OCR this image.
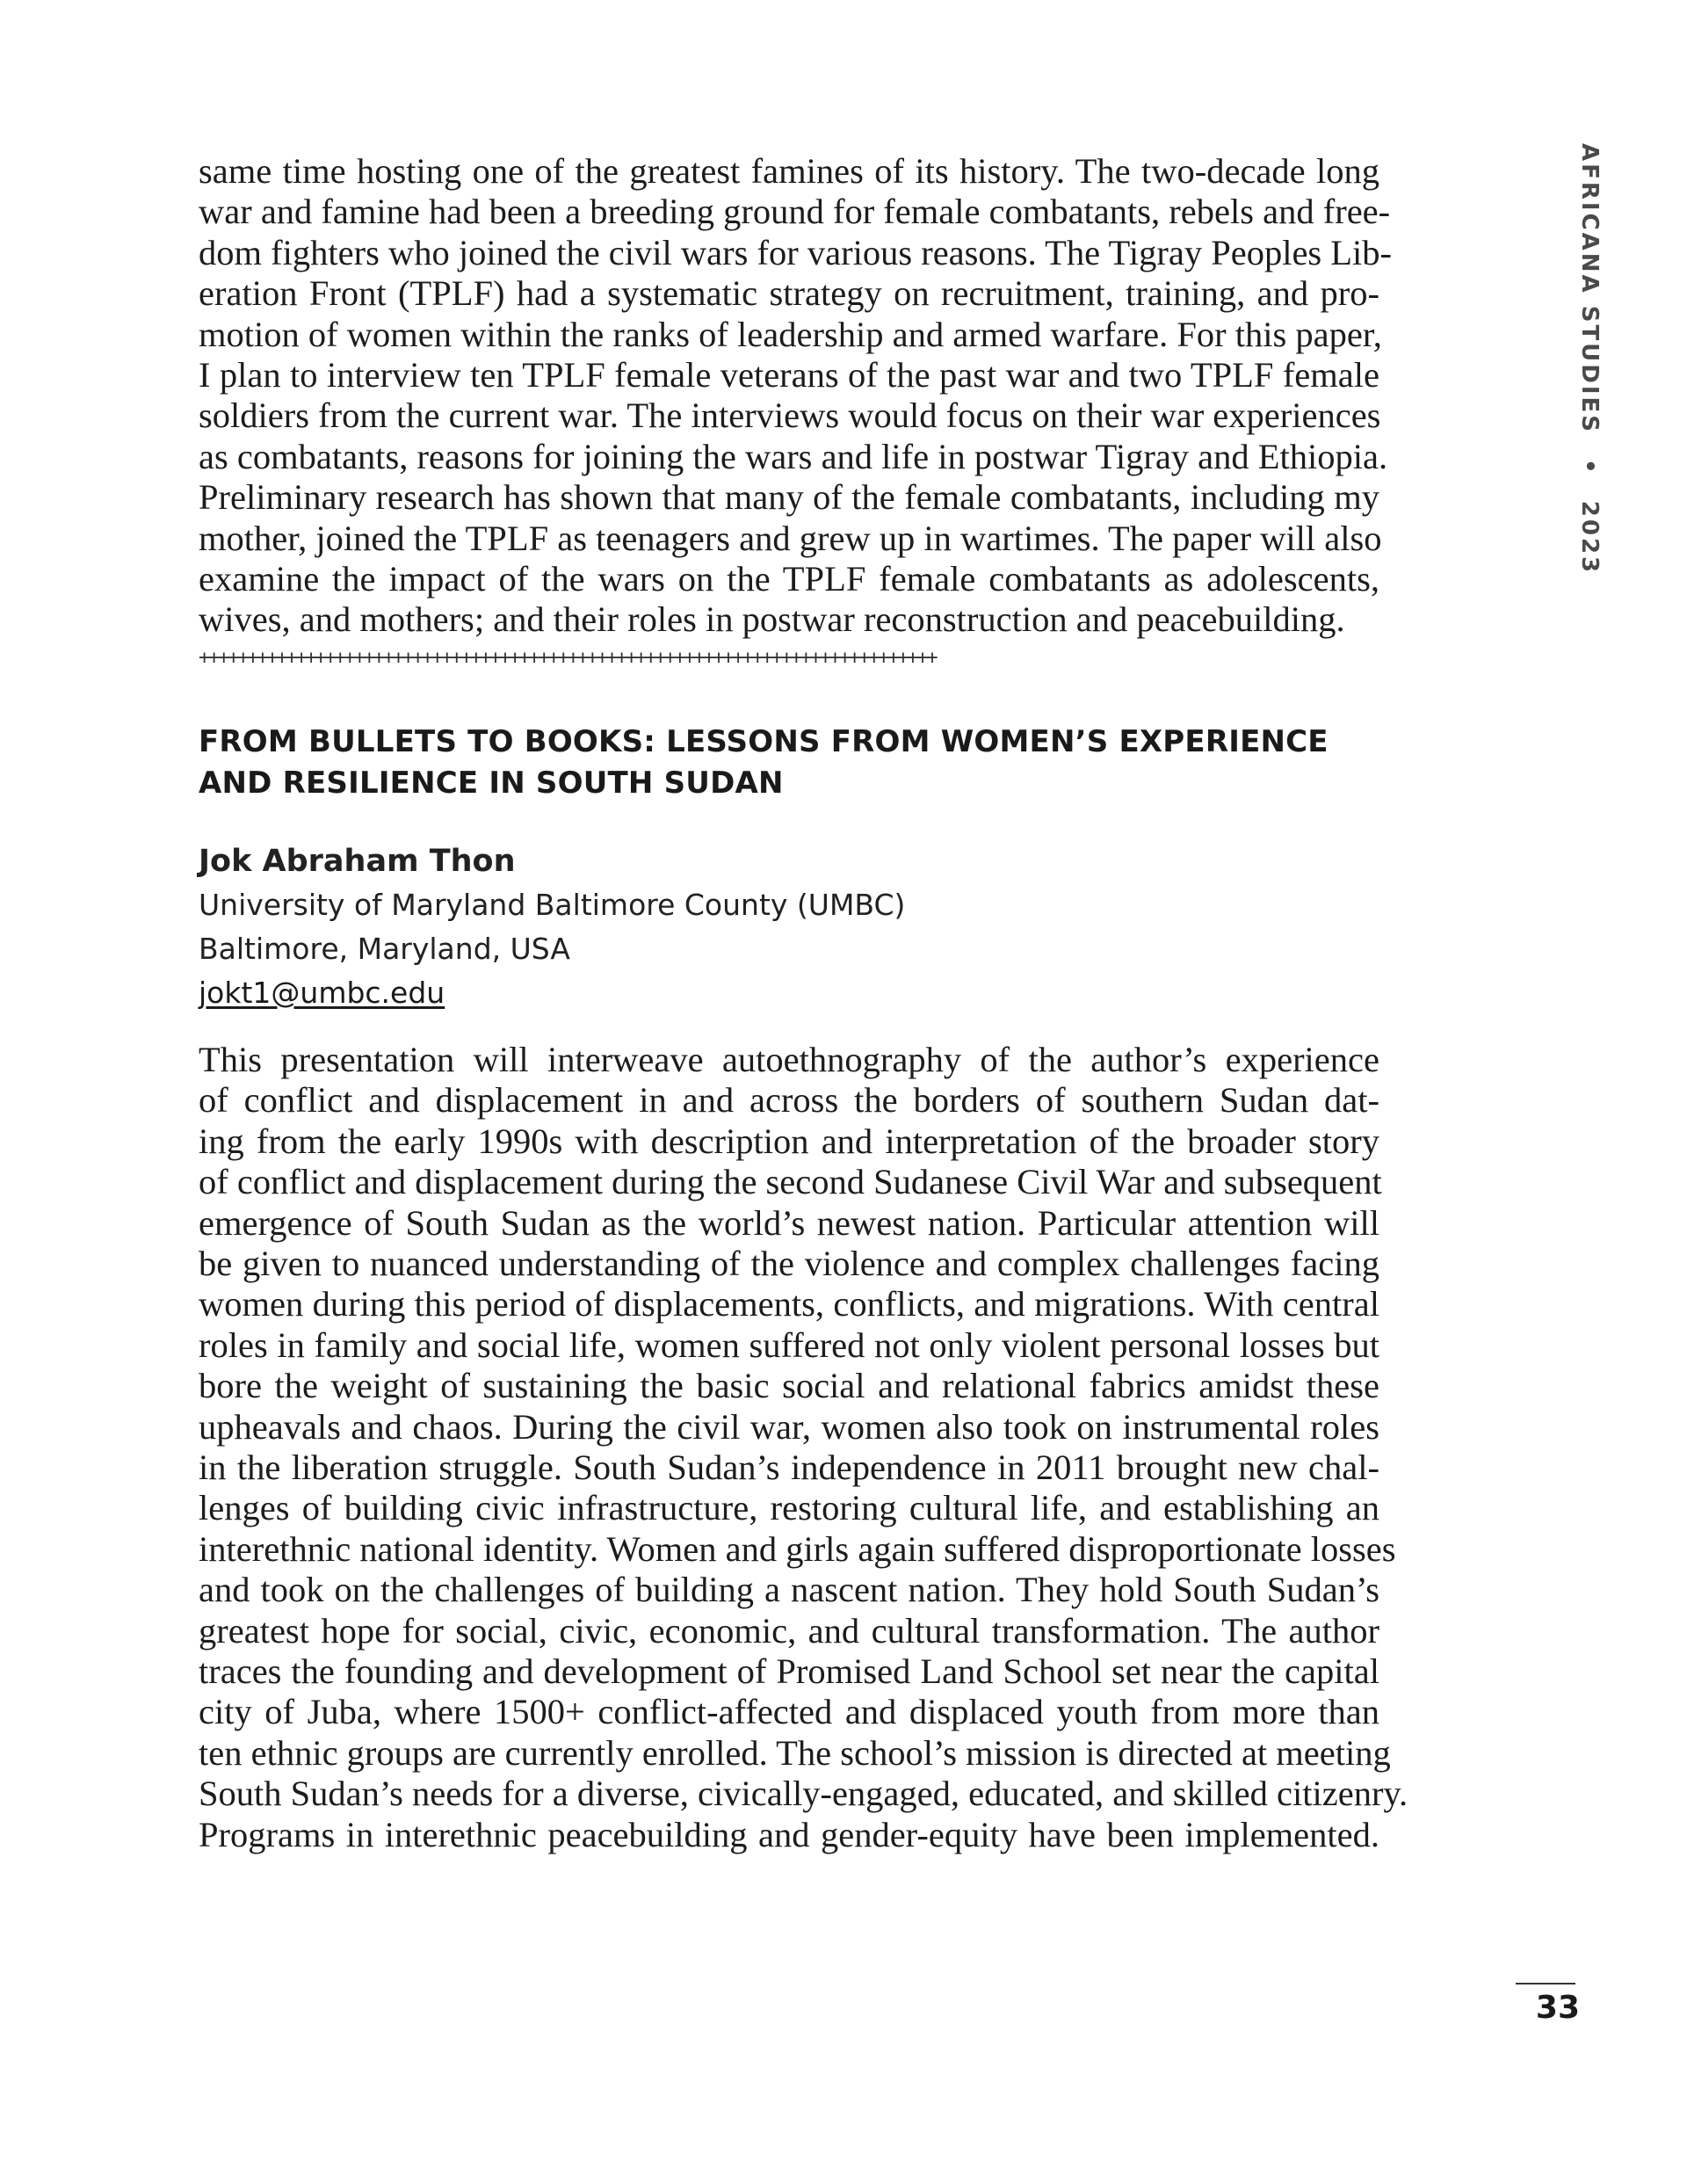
AFRICANA STUDIES • 2023

same time hosting one of the greatest famines of its history. The two-decade long
war and famine had been a breeding ground for female combatants, rebels and free-
dom fighters who joined the civil wars for various reasons. The Tigray Peoples Lib-
eration Front (TPLF) had a systematic strategy on recruitment, training, and pro-
motion of women within the ranks of leadership and armed warfare. For this paper,
I plan to interview ten TPLF female veterans of the past war and two TPLF female
soldiers from the current war. The interviews would focus on their war experiences
as combatants, reasons for joining the wars and life in postwar Tigray and Ethiopia.
Preliminary research has shown that many of the female combatants, including my
mother, joined the TPLF as teenagers and grew up in wartimes. The paper will also
examine the impact of the wars on the TPLF female combatants as adolescents,
wives, and mothers; and their roles in postwar reconstruction and peacebuilding.

++++++++++++++++++++++++++++++++++++++++++++++++++++++++++++++++++++++++++++
FROM BULLETS TO BOOKS: LESSONS FROM WOMEN’S EXPERIENCE
AND RESILIENCE IN SOUTH SUDAN
Jok Abraham Thon
University of Maryland Baltimore County (UMBC)
Baltimore, Maryland, USA
jokt1@umbc.edu

This presentation will interweave autoethnography of the author’s experience
of conflict and displacement in and across the borders of southern Sudan dat-
ing from the early 1990s with description and interpretation of the broader story
of conflict and displacement during the second Sudanese Civil War and subsequent
emergence of South Sudan as the world’s newest nation. Particular attention will
be given to nuanced understanding of the violence and complex challenges facing
women during this period of displacements, conflicts, and migrations. With central
roles in family and social life, women suffered not only violent personal losses but
bore the weight of sustaining the basic social and relational fabrics amidst these
upheavals and chaos. During the civil war, women also took on instrumental roles
in the liberation struggle. South Sudan’s independence in 2011 brought new chal-
lenges of building civic infrastructure, restoring cultural life, and establishing an
interethnic national identity. Women and girls again suffered disproportionate losses
and took on the challenges of building a nascent nation. They hold South Sudan’s
greatest hope for social, civic, economic, and cultural transformation. The author
traces the founding and development of Promised Land School set near the capital
city of Juba, where 1500+ conflict-affected and displaced youth from more than
ten ethnic groups are currently enrolled. The school’s mission is directed at meeting
South Sudan’s needs for a diverse, civically-engaged, educated, and skilled citizenry.
Programs in interethnic peacebuilding and gender-equity have been implemented.

33
